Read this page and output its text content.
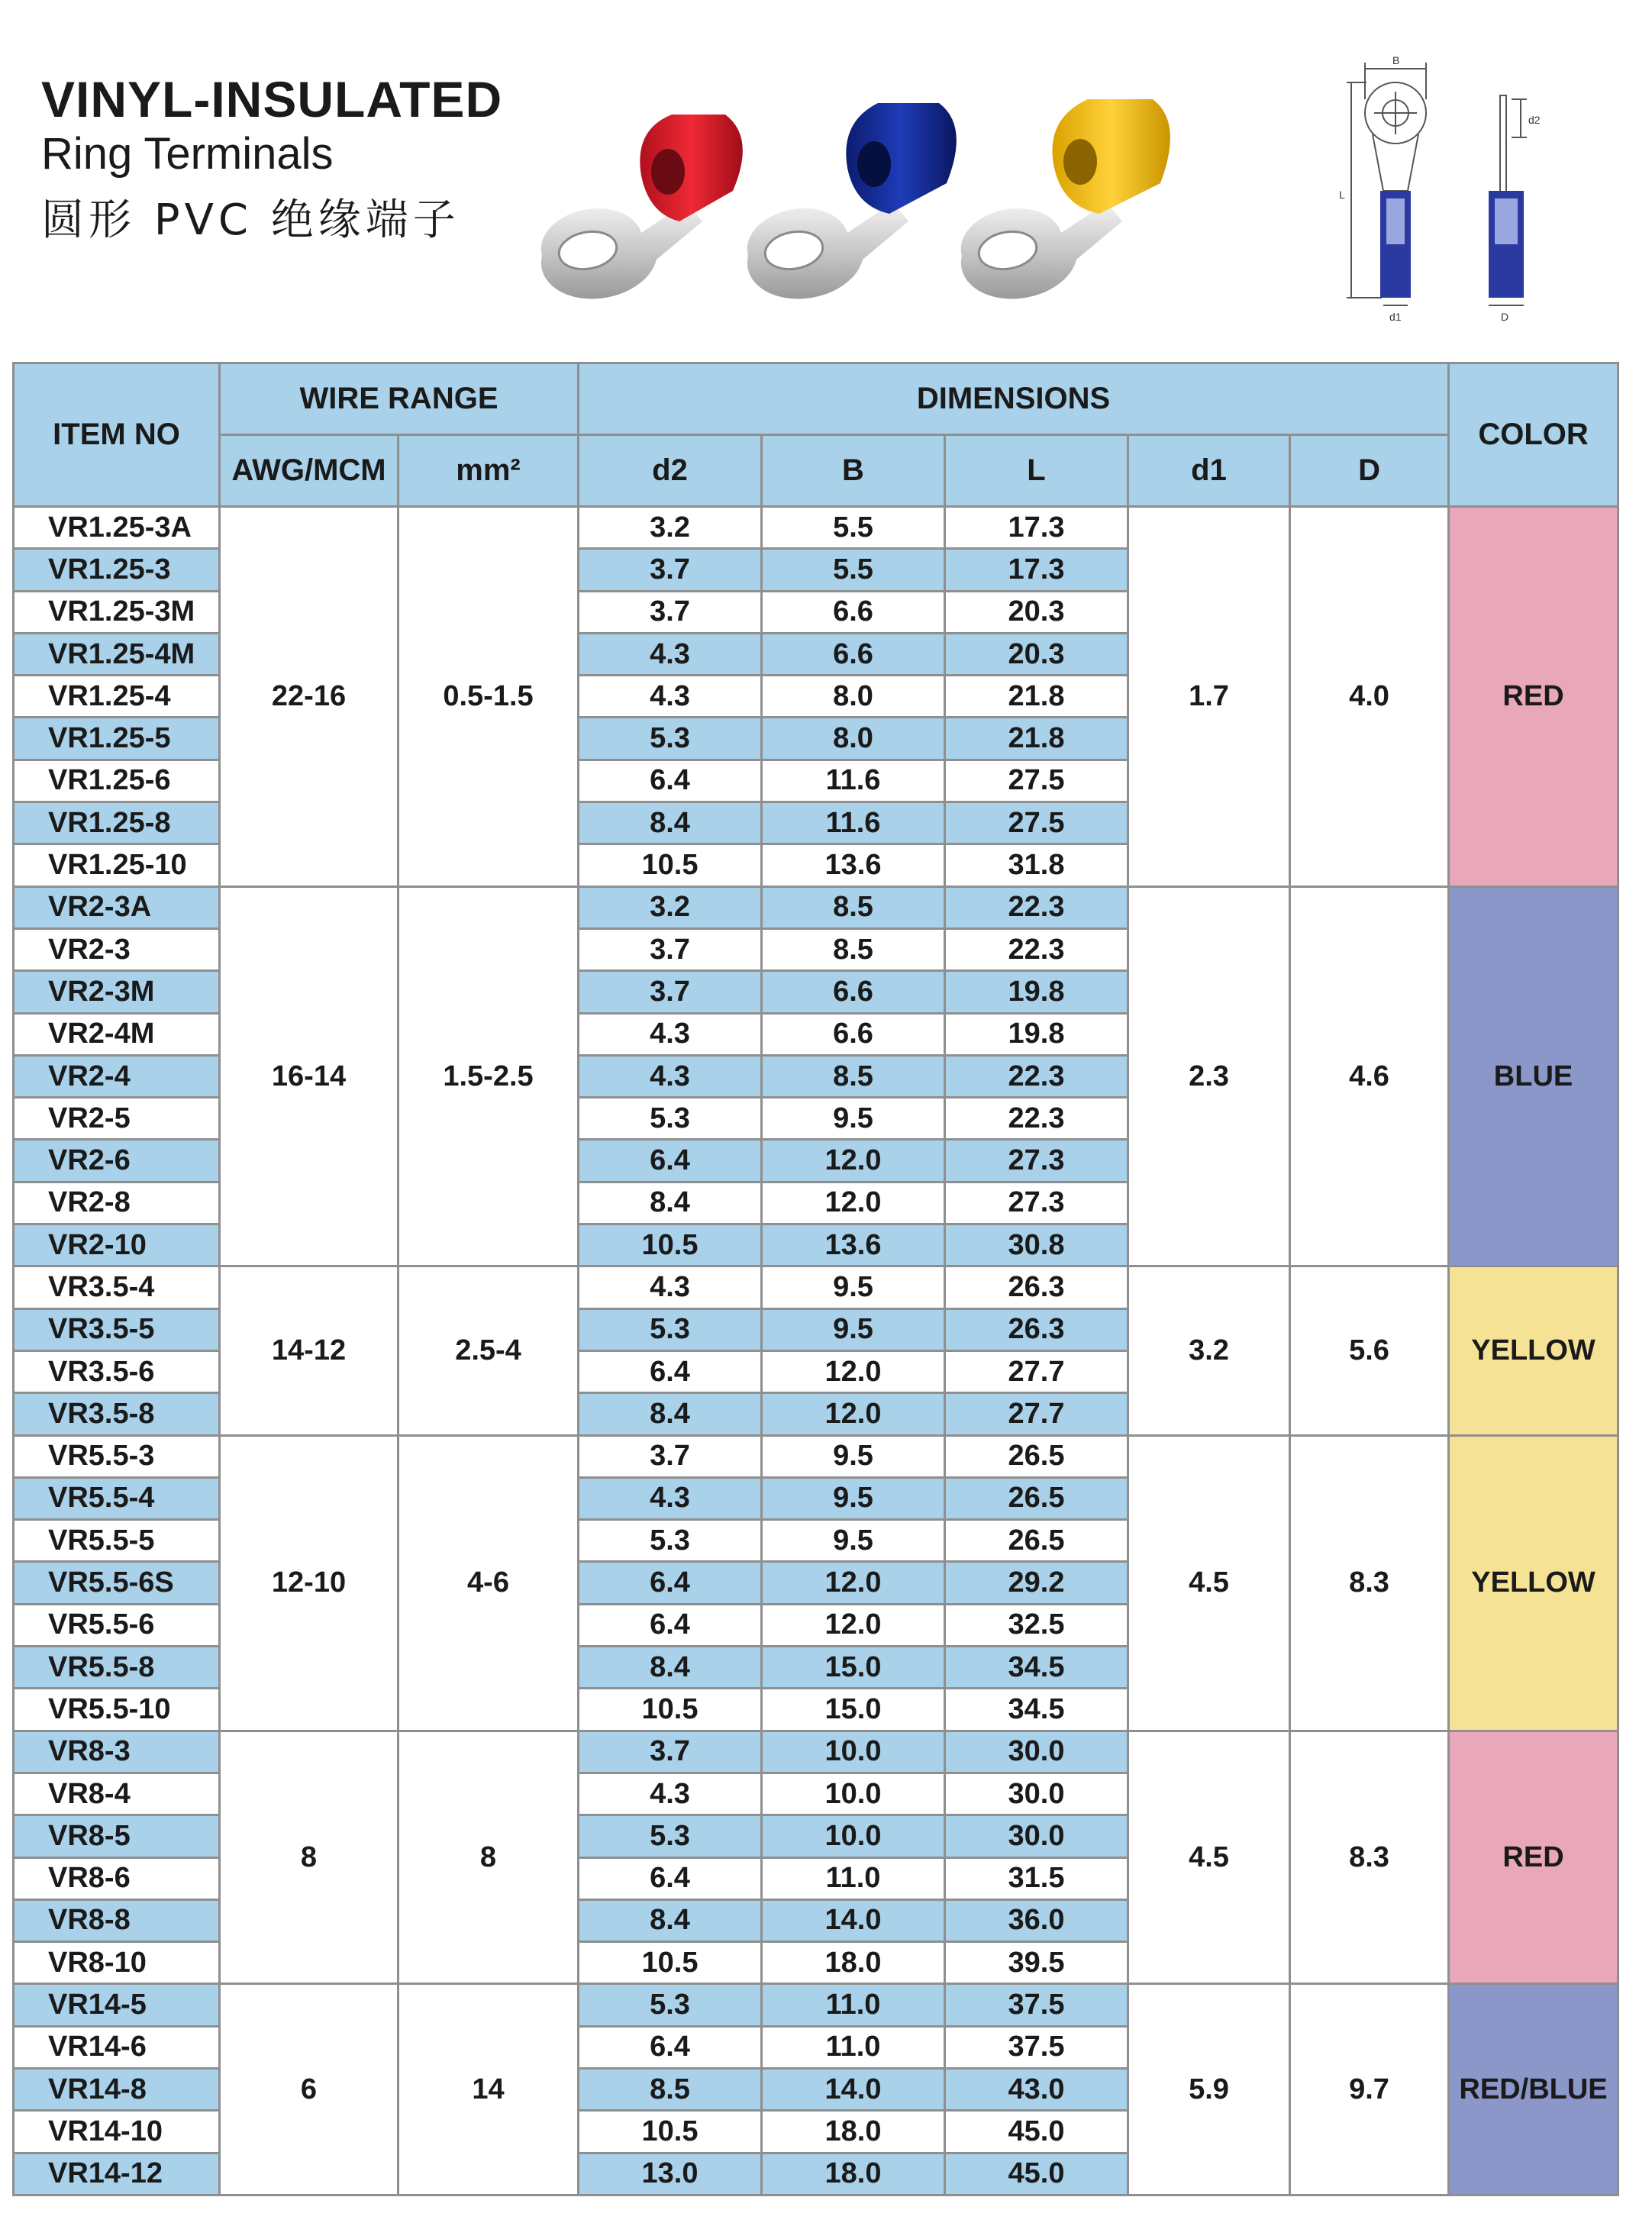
VINYL-INSULATED
Ring Terminals
圆形 PVC 绝缘端子
B
d2
L
d1	D
ITEM NO	WIRE RANGE		DIMENSIONS					COLOR
	AWG/MCM	mm²	d2	B	L	d1	D	
VR1.25-3A	22-16	0.5-1.5	3.2	5.5	17.3	1.7	4.0	RED
VR1.25-3			3.7	5.5	17.3			
VR1.25-3M			3.7	6.6	20.3			
VR1.25-4M			4.3	6.6	20.3			
VR1.25-4			4.3	8.0	21.8			
VR1.25-5			5.3	8.0	21.8			
VR1.25-6			6.4	11.6	27.5			
VR1.25-8			8.4	11.6	27.5			
VR1.25-10			10.5	13.6	31.8			
VR2-3A	16-14	1.5-2.5	3.2	8.5	22.3	2.3	4.6	BLUE
VR2-3			3.7	8.5	22.3			
VR2-3M			3.7	6.6	19.8			
VR2-4M			4.3	6.6	19.8			
VR2-4			4.3	8.5	22.3			
VR2-5			5.3	9.5	22.3			
VR2-6			6.4	12.0	27.3			
VR2-8			8.4	12.0	27.3			
VR2-10			10.5	13.6	30.8			
VR3.5-4	14-12	2.5-4	4.3	9.5	26.3	3.2	5.6	YELLOW
VR3.5-5			5.3	9.5	26.3			
VR3.5-6			6.4	12.0	27.7			
VR3.5-8			8.4	12.0	27.7			
VR5.5-3	12-10	4-6	3.7	9.5	26.5	4.5	8.3	YELLOW
VR5.5-4			4.3	9.5	26.5			
VR5.5-5			5.3	9.5	26.5			
VR5.5-6S			6.4	12.0	29.2			
VR5.5-6			6.4	12.0	32.5			
VR5.5-8			8.4	15.0	34.5			
VR5.5-10			10.5	15.0	34.5			
VR8-3	8	8	3.7	10.0	30.0	4.5	8.3	RED
VR8-4			4.3	10.0	30.0			
VR8-5			5.3	10.0	30.0			
VR8-6			6.4	11.0	31.5			
VR8-8			8.4	14.0	36.0			
VR8-10			10.5	18.0	39.5			
VR14-5	6	14	5.3	11.0	37.5	5.9	9.7	RED/BLUE
VR14-6			6.4	11.0	37.5			
VR14-8			8.5	14.0	43.0			
VR14-10			10.5	18.0	45.0			
VR14-12			13.0	18.0	45.0			
